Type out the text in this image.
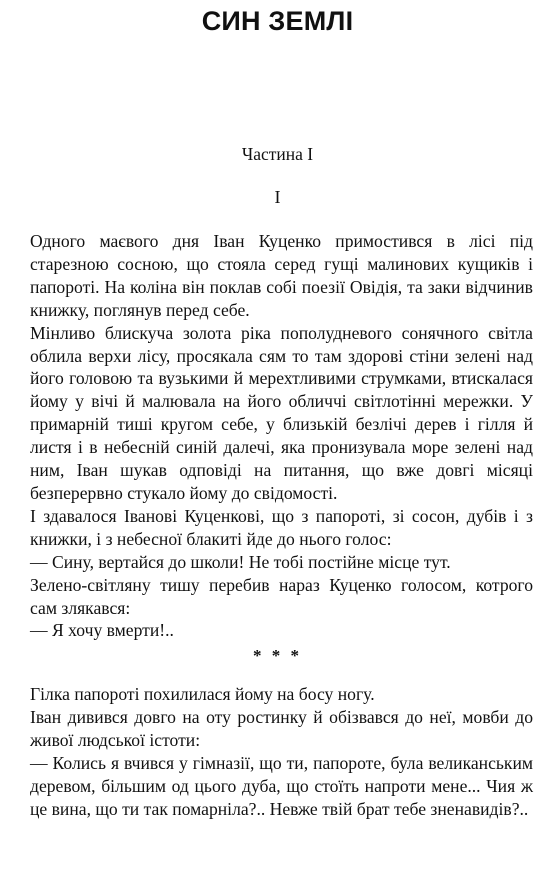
СИН ЗЕМЛІ
Частина І
І

Одного маєвого дня Іван Куценко примостився в лісі під старезною сосною, що стояла серед гущі малинових кущиків і папороті. На коліна він поклав собі поезії Овідія, та заки відчинив книжку, поглянув перед себе.

Мінливо блискуча золота ріка пополудневого сонячного світла облила верхи лісу, просякала сям то там здорові стіни зелені над його головою та вузькими й мерехтливими струмками, втискалася йому у вічі й малювала на його обличчі світлотінні мережки. У примарній тиші кругом себе, у близькій безлічі дерев і гілля й листя і в небесній синій далечі, яка пронизувала море зелені над ним, Іван шукав одповіді на питання, що вже довгі місяці безперервно стукало йому до свідомості.

І здавалося Іванові Куценкові, що з папороті, зі сосон, дубів і з книжки, і з небесної блакиті йде до нього голос:

— Сину, вертайся до школи! Не тобі постійне місце тут.

Зелено-світляну тишу перебив нараз Куценко голосом, котрого сам злякався:

— Я хочу вмерти!..

* * *

Гілка папороті похилилася йому на босу ногу.

Іван дивився довго на оту ростинку й обізвався до неї, мовби до живої людської істоти:

— Колись я вчився у гімназії, що ти, папороте, була великанським деревом, більшим од цього дуба, що стоїть напроти мене... Чия ж це вина, що ти так помарніла?.. Невже твій брат тебе зненавидів?..
